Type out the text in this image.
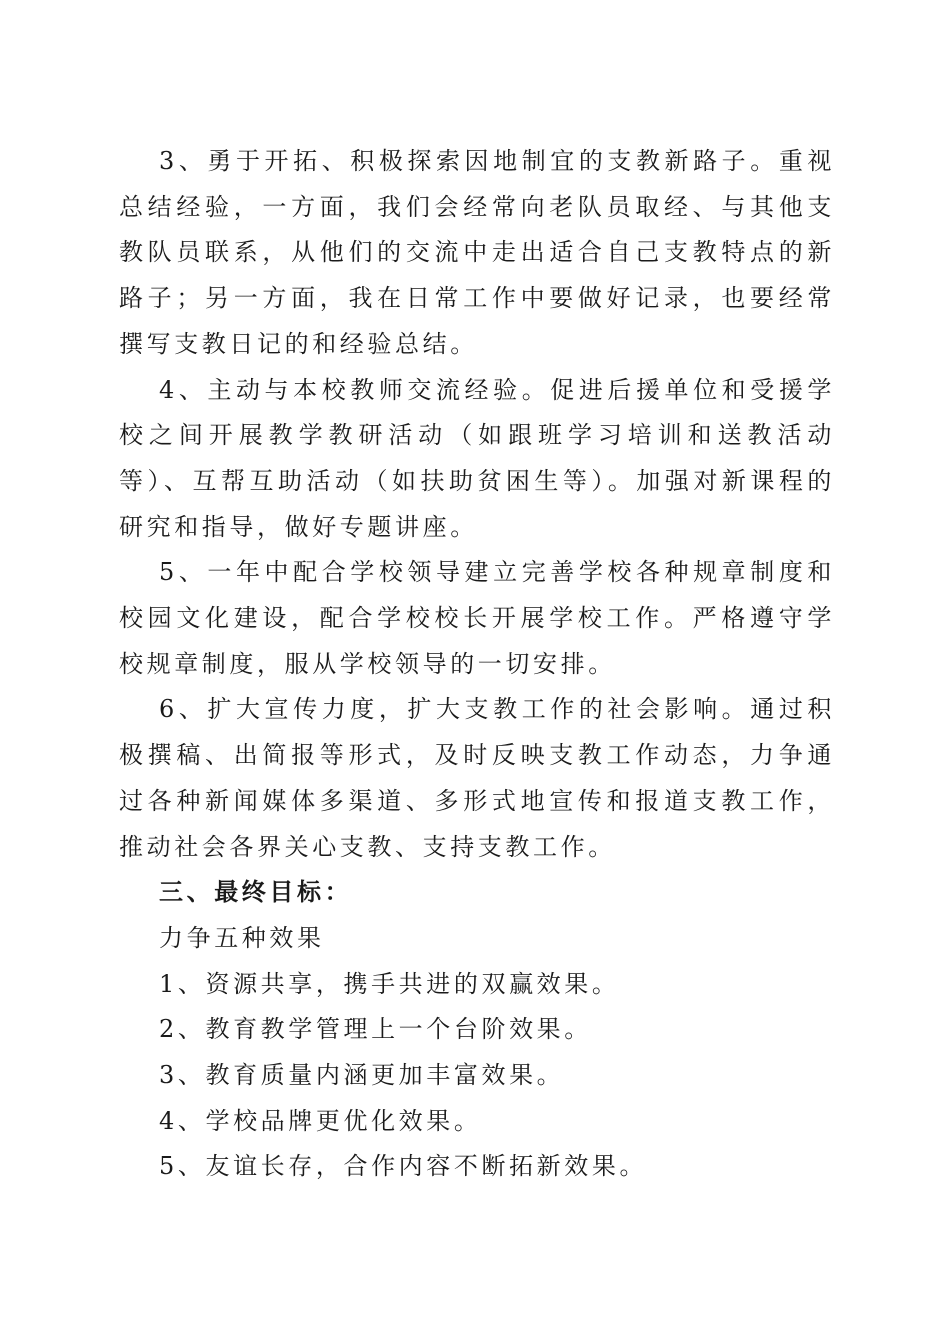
3、勇于开拓、积极探索因地制宜的支教新路子。重视总结经验，一方面，我们会经常向老队员取经、与其他支教队员联系，从他们的交流中走出适合自己支教特点的新路子；另一方面，我在日常工作中要做好记录，也要经常撰写支教日记的和经验总结。

4、主动与本校教师交流经验。促进后援单位和受援学校之间开展教学教研活动（如跟班学习培训和送教活动等）、互帮互助活动（如扶助贫困生等）。加强对新课程的研究和指导，做好专题讲座。

5、一年中配合学校领导建立完善学校各种规章制度和校园文化建设，配合学校校长开展学校工作。严格遵守学校规章制度，服从学校领导的一切安排。

6、扩大宣传力度，扩大支教工作的社会影响。通过积极撰稿、出简报等形式，及时反映支教工作动态，力争通过各种新闻媒体多渠道、多形式地宣传和报道支教工作，推动社会各界关心支教、支持支教工作。

三、最终目标：

力争五种效果

1、资源共享，携手共进的双赢效果。

2、教育教学管理上一个台阶效果。

3、教育质量内涵更加丰富效果。

4、学校品牌更优化效果。

5、友谊长存，合作内容不断拓新效果。
